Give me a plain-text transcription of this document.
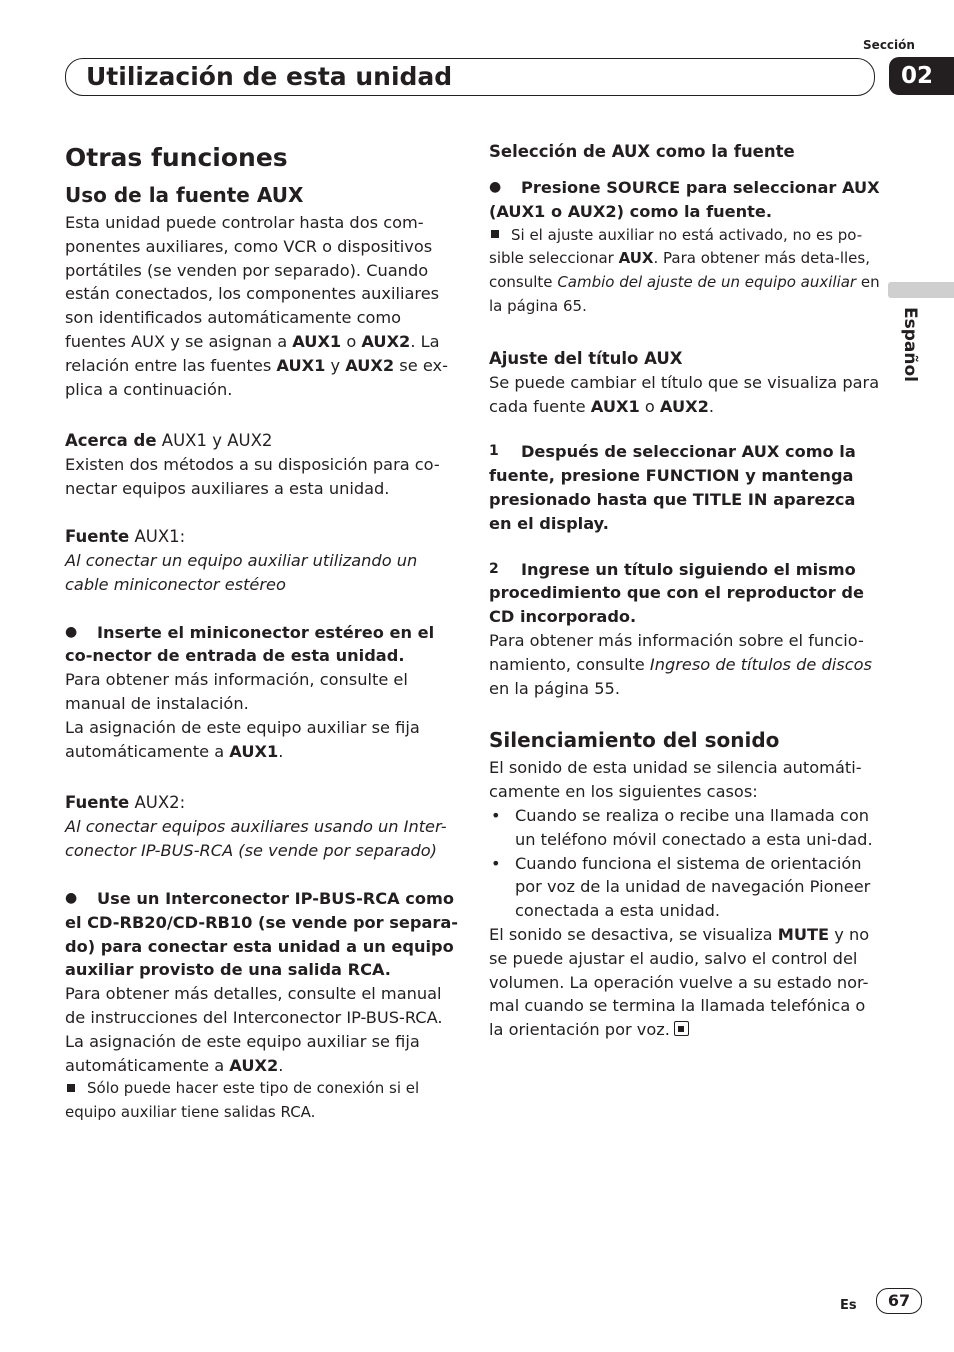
Sección
Utilización de esta unidad	02
Español
Otras funciones
Uso de la fuente AUX

Esta unidad puede controlar hasta dos com-ponentes auxiliares, como VCR o dispositivos portátiles (se venden por separado). Cuando están conectados, los componentes auxiliares son identificados automáticamente como fuentes AUX y se asignan a AUX1 o AUX2. La relación entre las fuentes AUX1 y AUX2 se ex-plica a continuación.

Acerca de AUX1 y AUX2

Existen dos métodos a su disposición para co-nectar equipos auxiliares a esta unidad.

Fuente AUX1:

Al conectar un equipo auxiliar utilizando un cable miniconector estéreo

● Inserte el miniconector estéreo en el co-nector de entrada de esta unidad.

Para obtener más información, consulte el manual de instalación.

La asignación de este equipo auxiliar se fija automáticamente a AUX1.

Fuente AUX2:

Al conectar equipos auxiliares usando un Inter-conector IP-BUS-RCA (se vende por separado)

● Use un Interconector IP-BUS-RCA como el CD-RB20/CD-RB10 (se vende por separa-do) para conectar esta unidad a un equipo auxiliar provisto de una salida RCA.

Para obtener más detalles, consulte el manual de instrucciones del Interconector IP-BUS-RCA.

La asignación de este equipo auxiliar se fija automáticamente a AUX2.

Sólo puede hacer este tipo de conexión si el equipo auxiliar tiene salidas RCA.

Selección de AUX como la fuente

● Presione SOURCE para seleccionar AUX (AUX1 o AUX2) como la fuente.

Si el ajuste auxiliar no está activado, no es po-sible seleccionar AUX. Para obtener más deta-lles, consulte Cambio del ajuste de un equipo auxiliar en la página 65.

Ajuste del título AUX

Se puede cambiar el título que se visualiza para cada fuente AUX1 o AUX2.

1 Después de seleccionar AUX como la fuente, presione FUNCTION y mantenga presionado hasta que TITLE IN aparezca en el display.

2 Ingrese un título siguiendo el mismo procedimiento que con el reproductor de CD incorporado.

Para obtener más información sobre el funcio-namiento, consulte Ingreso de títulos de discos en la página 55.

Silenciamiento del sonido

El sonido de esta unidad se silencia automáti-camente en los siguientes casos:

• Cuando se realiza o recibe una llamada con un teléfono móvil conectado a esta uni-dad.
• Cuando funciona el sistema de orientación por voz de la unidad de navegación Pioneer conectada a esta unidad.

El sonido se desactiva, se visualiza MUTE y no se puede ajustar el audio, salvo el control del volumen. La operación vuelve a su estado nor-mal cuando se termina la llamada telefónica o la orientación por voz.

Es	67
